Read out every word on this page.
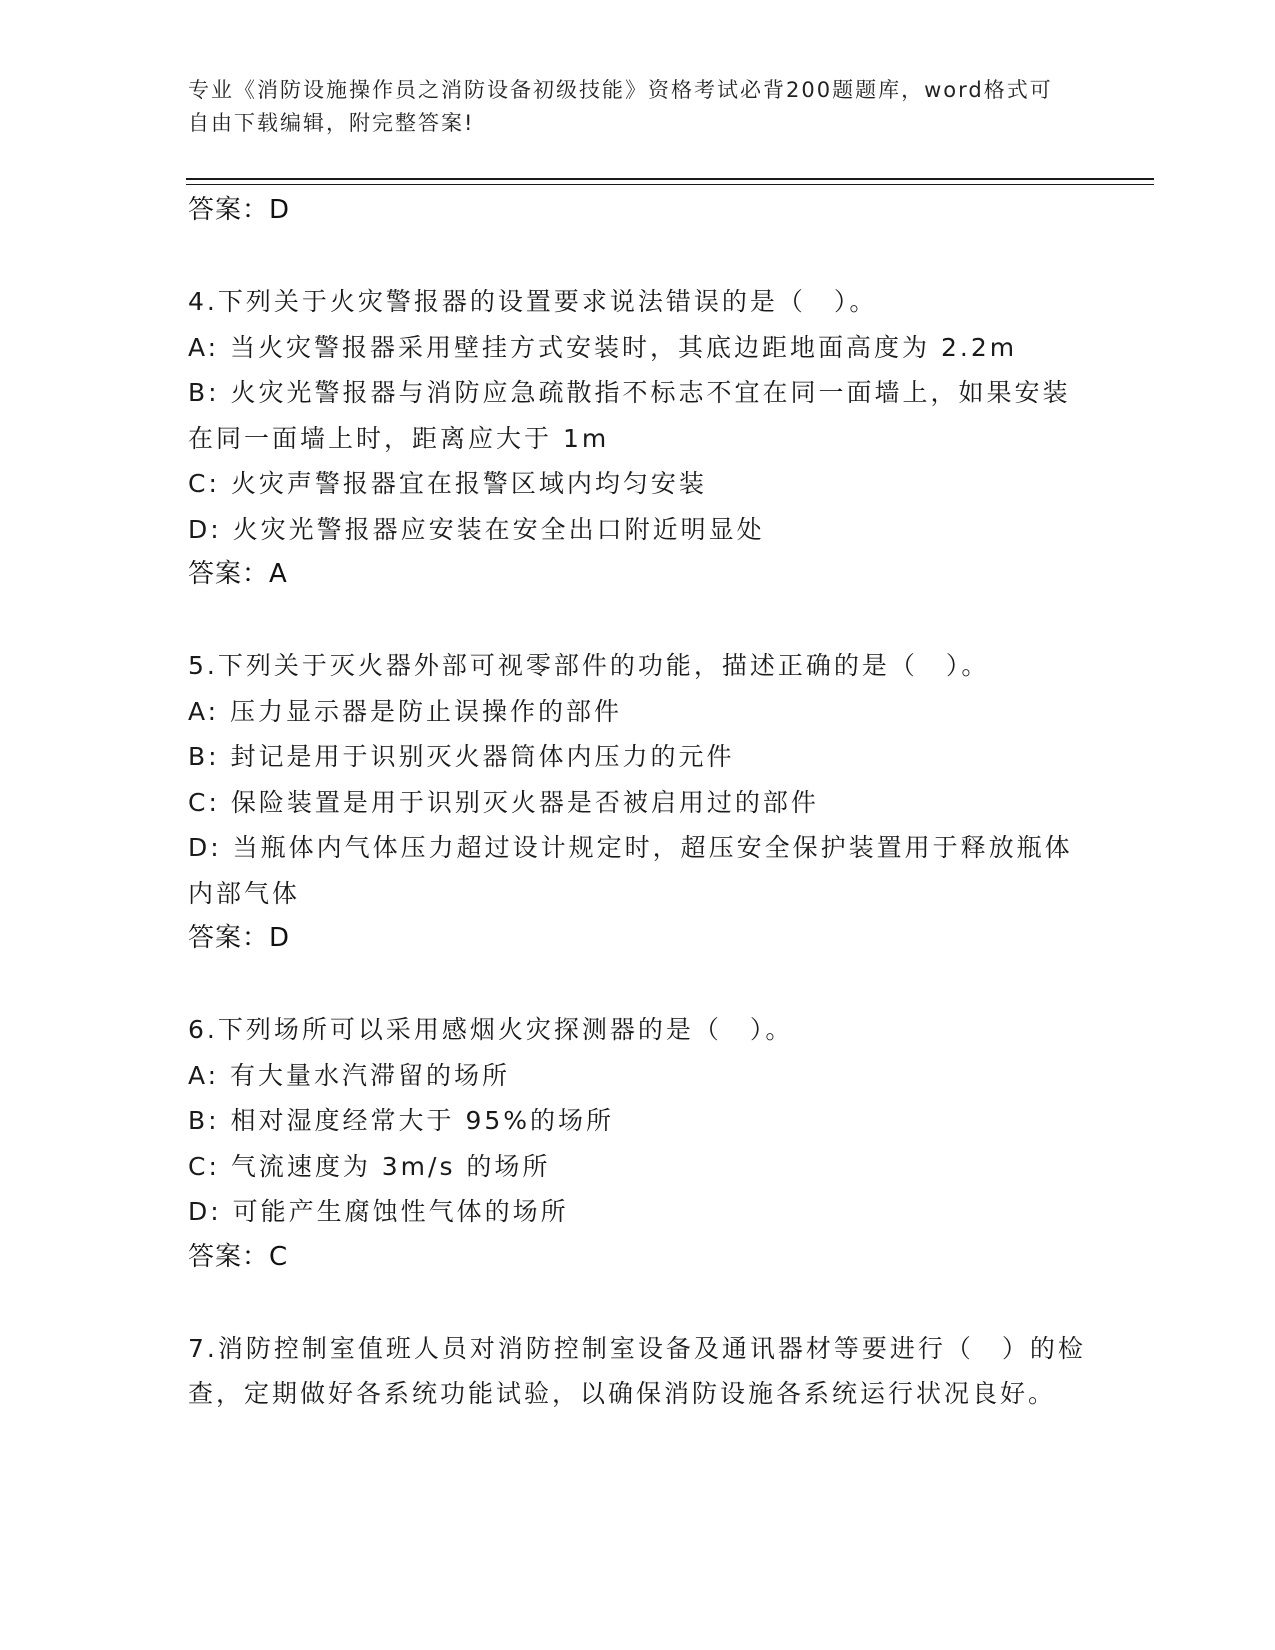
专业《消防设施操作员之消防设备初级技能》资格考试必背200题题库，word格式可自由下载编辑，附完整答案!
答案：D
4.下列关于火灾警报器的设置要求说法错误的是（　）。
A: 当火灾警报器采用壁挂方式安装时，其底边距地面高度为 2.2m
B: 火灾光警报器与消防应急疏散指不标志不宜在同一面墙上，如果安装在同一面墙上时，距离应大于 1m
C: 火灾声警报器宜在报警区域内均匀安装
D: 火灾光警报器应安装在安全出口附近明显处
答案：A
5.下列关于灭火器外部可视零部件的功能，描述正确的是（　）。
A: 压力显示器是防止误操作的部件
B: 封记是用于识别灭火器筒体内压力的元件
C: 保险装置是用于识别灭火器是否被启用过的部件
D: 当瓶体内气体压力超过设计规定时，超压安全保护装置用于释放瓶体内部气体
答案：D
6.下列场所可以采用感烟火灾探测器的是（　）。
A: 有大量水汽滞留的场所
B: 相对湿度经常大于 95%的场所
C: 气流速度为 3m/s 的场所
D: 可能产生腐蚀性气体的场所
答案：C
7.消防控制室值班人员对消防控制室设备及通讯器材等要进行（　）的检查，定期做好各系统功能试验，以确保消防设施各系统运行状况良好。
